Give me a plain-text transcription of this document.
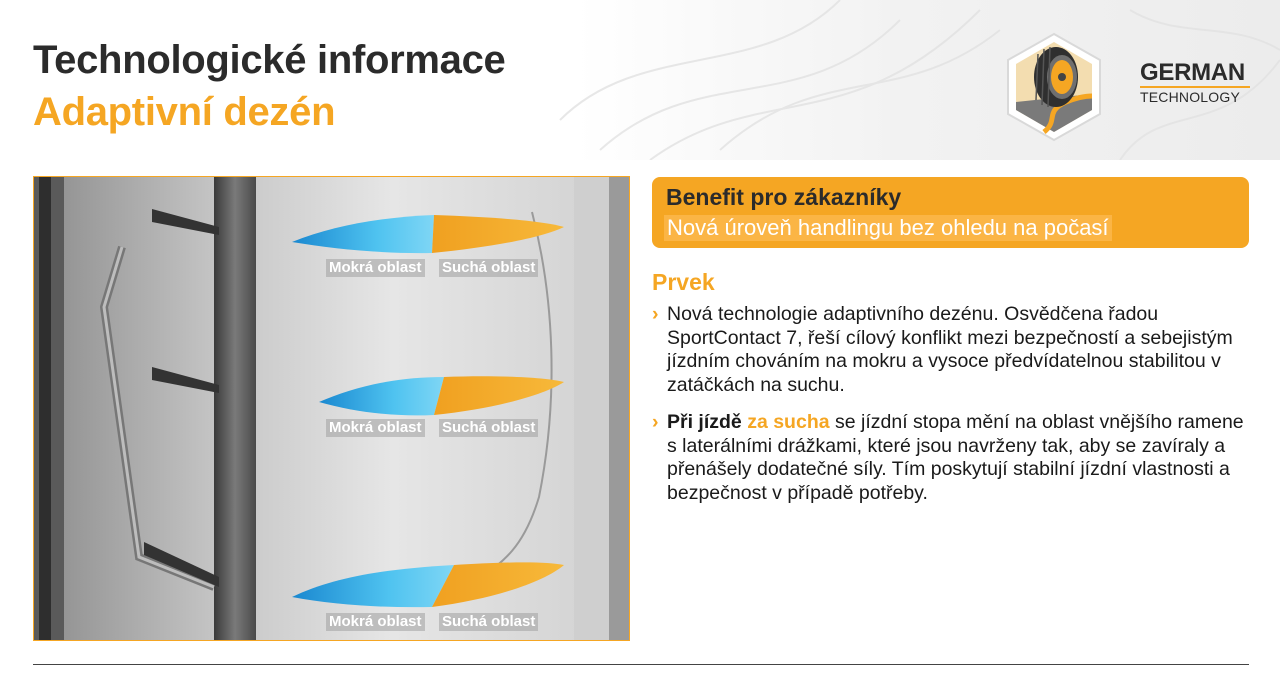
Technologické informace
Adaptivní dezén
GERMAN
TECHNOLOGY
Mokrá oblast Suchá oblast
Mokrá oblast Suchá oblast
Mokrá oblast Suchá oblast

Benefit pro zákazníky

Nová úroveň handlingu bez ohledu na počasí

Prvek

› Nová technologie adaptivního dezénu. Osvědčena řadou SportContact 7, řeší cílový konflikt mezi bezpečností a sebejistým jízdním chováním na mokru a vysoce předvídatelnou stabilitou v zatáčkách na suchu.
› Při jízdě za sucha se jízdní stopa mění na oblast vnějšího ramene s laterálními drážkami, které jsou navrženy tak, aby se zavíraly a přenášely dodatečné síly. Tím poskytují stabilní jízdní vlastnosti a bezpečnost v případě potřeby.
